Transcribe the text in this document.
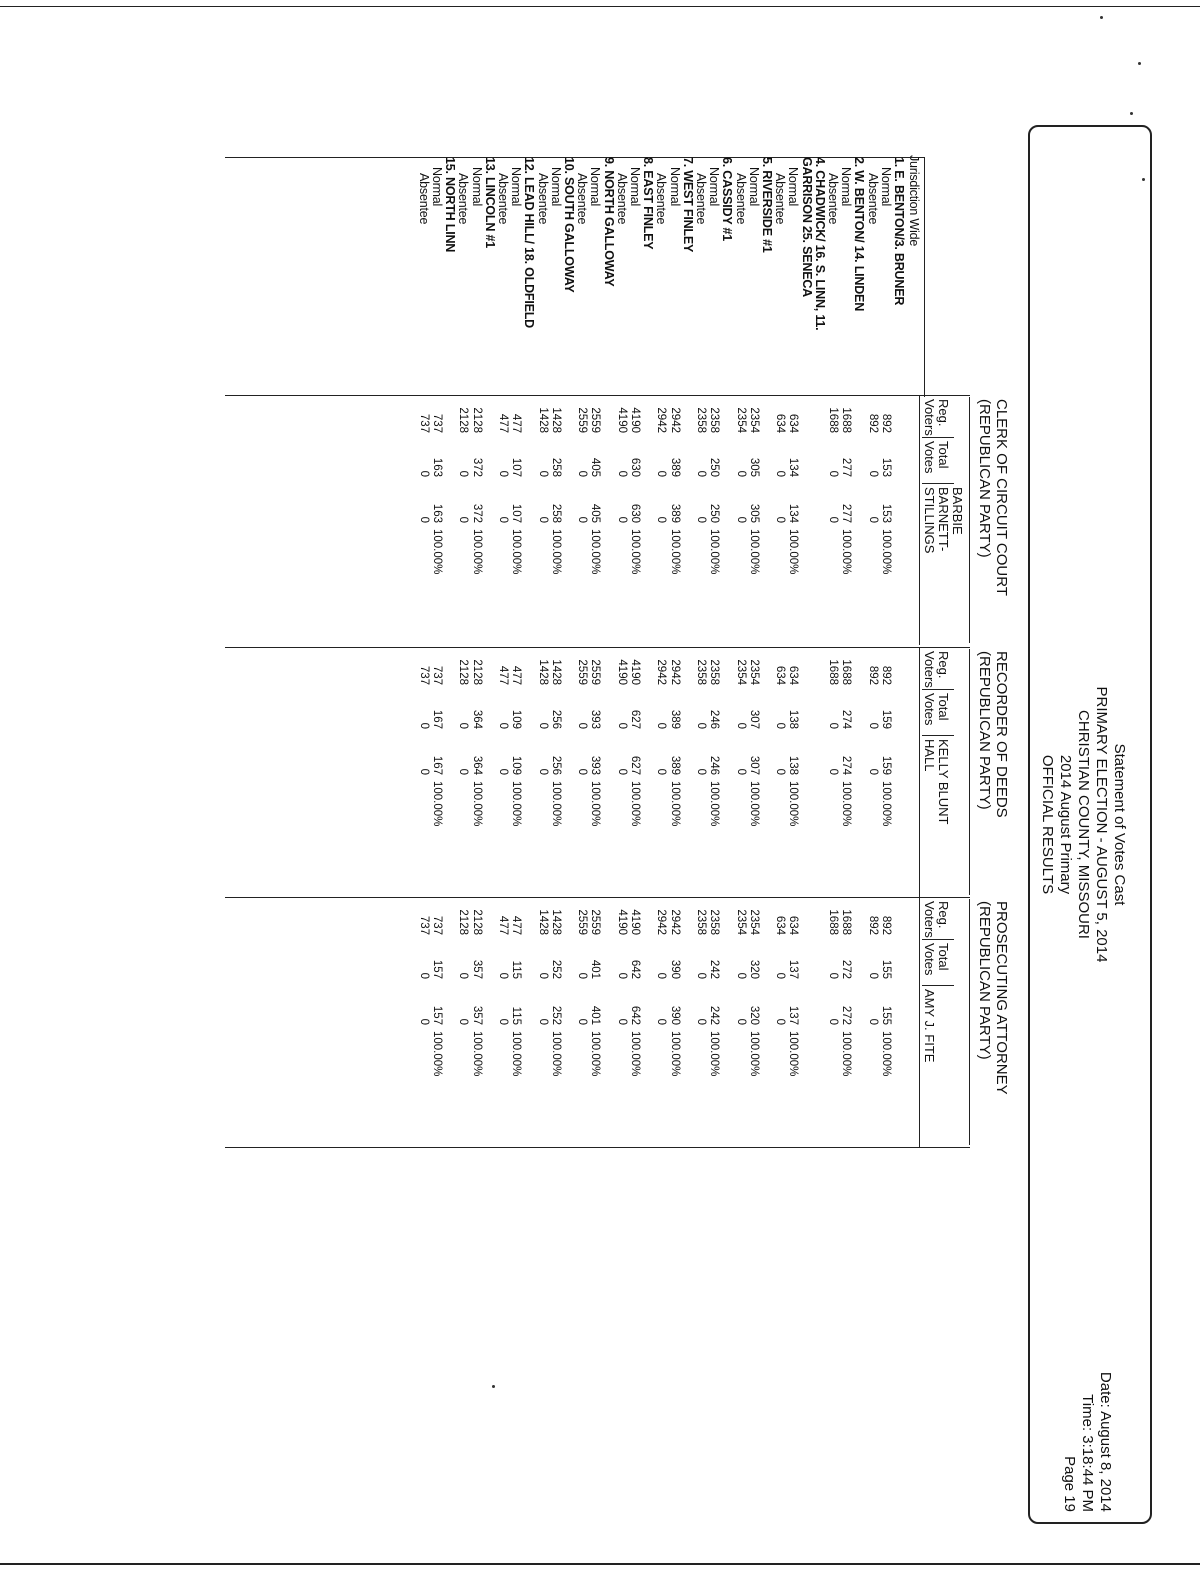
Statement of Votes Cast
PRIMARY ELECTION - AUGUST 5, 2014
CHRISTIAN COUNTY, MISSOURI
2014 August Primary
OFFICIAL RESULTS
Date: August 8, 2014
Time: 3:18:44 PM
Page 19
Jurisdiction Wide
CLERK OF CIRCUIT COURT
(REPUBLICAN PARTY)
Reg.
Voters
Total
Votes
BARBIE
BARNETT-
STILLINGS
RECORDER OF DEEDS
(REPUBLICAN PARTY)
Reg.
Voters
Total
Votes
KELLY BLUNT
HALL
PROSECUTING ATTORNEY
(REPUBLICAN PARTY)
Reg.
Voters
Total
Votes
AMY J. FITE
1. E. BENTON/3. BRUNER
Normal
892
153
153
100.00%
892
159
159
100.00%
892
155
155
100.00%
Absentee
892
0
0
892
0
0
892
0
0
2. W. BENTON/ 14. LINDEN
Normal
1688
277
277
100.00%
1688
274
274
100.00%
1688
272
272
100.00%
Absentee
1688
0
0
1688
0
0
1688
0
0
4. CHADWICK/ 16. S. LINN, 11.
GARRISON 25. SENECA
Normal
634
134
134
100.00%
634
138
138
100.00%
634
137
137
100.00%
Absentee
634
0
0
634
0
0
634
0
0
5. RIVERSIDE #1
Normal
2354
305
305
100.00%
2354
307
307
100.00%
2354
320
320
100.00%
Absentee
2354
0
0
2354
0
0
2354
0
0
6. CASSIDY #1
Normal
2358
250
250
100.00%
2358
246
246
100.00%
2358
242
242
100.00%
Absentee
2358
0
0
2358
0
0
2358
0
0
7. WEST FINLEY
Normal
2942
389
389
100.00%
2942
389
389
100.00%
2942
390
390
100.00%
Absentee
2942
0
0
2942
0
0
2942
0
0
8. EAST FINLEY
Normal
4190
630
630
100.00%
4190
627
627
100.00%
4190
642
642
100.00%
Absentee
4190
0
0
4190
0
0
4190
0
0
9. NORTH GALLOWAY
Normal
2559
405
405
100.00%
2559
393
393
100.00%
2559
401
401
100.00%
Absentee
2559
0
0
2559
0
0
2559
0
0
10. SOUTH GALLOWAY
Normal
1428
258
258
100.00%
1428
256
256
100.00%
1428
252
252
100.00%
Absentee
1428
0
0
1428
0
0
1428
0
0
12. LEAD HILL/ 18. OLDFIELD
Normal
477
107
107
100.00%
477
109
109
100.00%
477
115
115
100.00%
Absentee
477
0
0
477
0
0
477
0
0
13. LINCOLN #1
Normal
2128
372
372
100.00%
2128
364
364
100.00%
2128
357
357
100.00%
Absentee
2128
0
0
2128
0
0
2128
0
0
15. NORTH LINN
Normal
737
163
163
100.00%
737
167
167
100.00%
737
157
157
100.00%
Absentee
737
0
0
737
0
0
737
0
0
